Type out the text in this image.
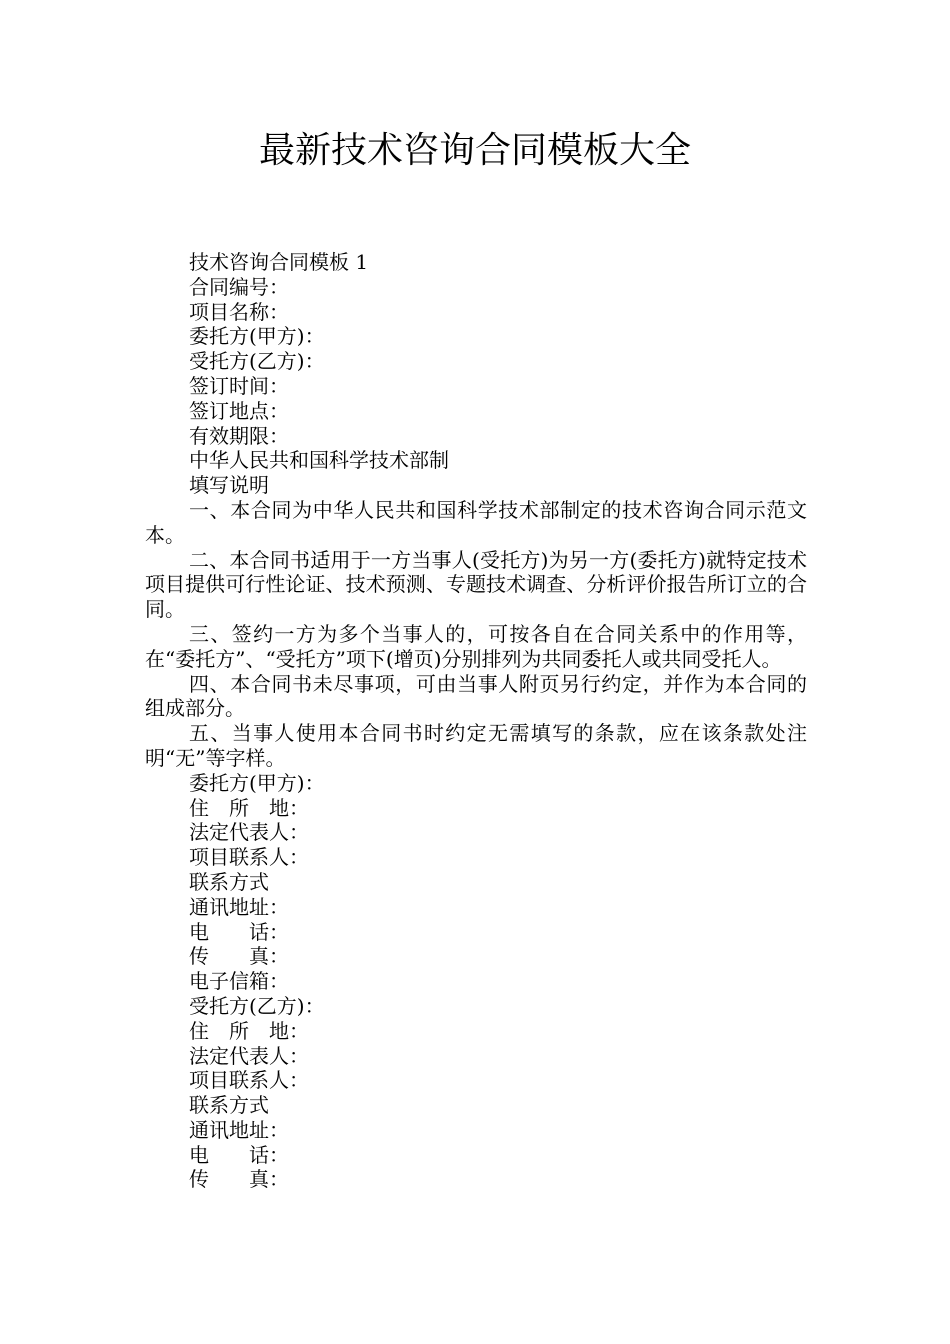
最新技术咨询合同模板大全

技术咨询合同模板 1

合同编号：

项目名称：

委托方(甲方)：

受托方(乙方)：

签订时间：

签订地点：

有效期限：

中华人民共和国科学技术部制

填写说明

一、本合同为中华人民共和国科学技术部制定的技术咨询合同示范文本。

二、本合同书适用于一方当事人(受托方)为另一方(委托方)就特定技术项目提供可行性论证、技术预测、专题技术调查、分析评价报告所订立的合同。

三、签约一方为多个当事人的，可按各自在合同关系中的作用等，在“委托方”、“受托方”项下(增页)分别排列为共同委托人或共同受托人。

四、本合同书未尽事项，可由当事人附页另行约定，并作为本合同的组成部分。

五、当事人使用本合同书时约定无需填写的条款，应在该条款处注明“无”等字样。

委托方(甲方)：

住　所　地：

法定代表人：

项目联系人：

联系方式

通讯地址：

电　　话：

传　　真：

电子信箱：

受托方(乙方)：

住　所　地：

法定代表人：

项目联系人：

联系方式

通讯地址：

电　　话：

传　　真：
